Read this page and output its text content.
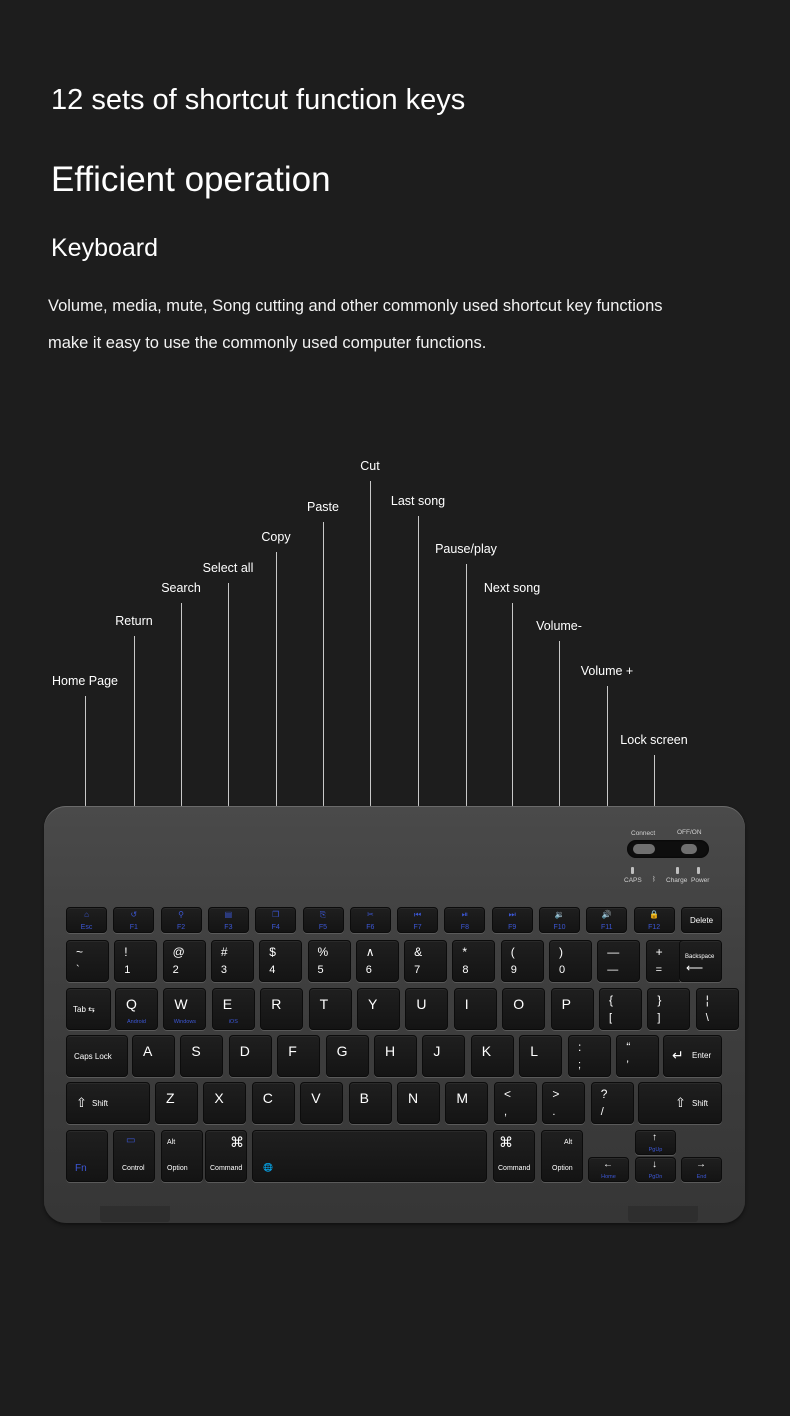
12 sets of shortcut function keys
Efficient operation
Keyboard

Volume, media, mute, Song cutting and other commonly used shortcut key functions make it easy to use the commonly used computer functions.

Home Page
Return
Search
Select all
Copy
Paste
Cut
Last song
Pause/play
Next song
Volume-
Volume +
Lock screen
Connect	OFF/ON
CAPS ᛒ Charge Power
⌂
Esc
↺
F1
⚲
F2
▤
F3
❐
F4
⎘
F5
✂
F6
⏮
F7
⏯
F8
⏭
F9
🔉
F10
🔊
F11
🔒
F12
Delete
~
`
!
1
@
2
#
3
$
4
%
5
∧
6
&
7
*
8
(
9
)
0
—
—
+
=
Backspace
⟵
Tab ⇆ Q
Android
W
Windows
E
iOS
R	T	Y	U	I	O	P	{
[
}
]
¦
\
Caps Lock A	S	D	F	G	H	J	K	L	:
;
“
’
↵ Enter
⇧ Shift	Z	X	C	V	B	N	M	<
,
>
.
?
/
⇧ Shift
Fn
▭
Control
Alt
Option
⌘
Command	🌐
⌘
Command
Alt
Option
↑
PgUp
←
Home
↓
PgDn
→
End
